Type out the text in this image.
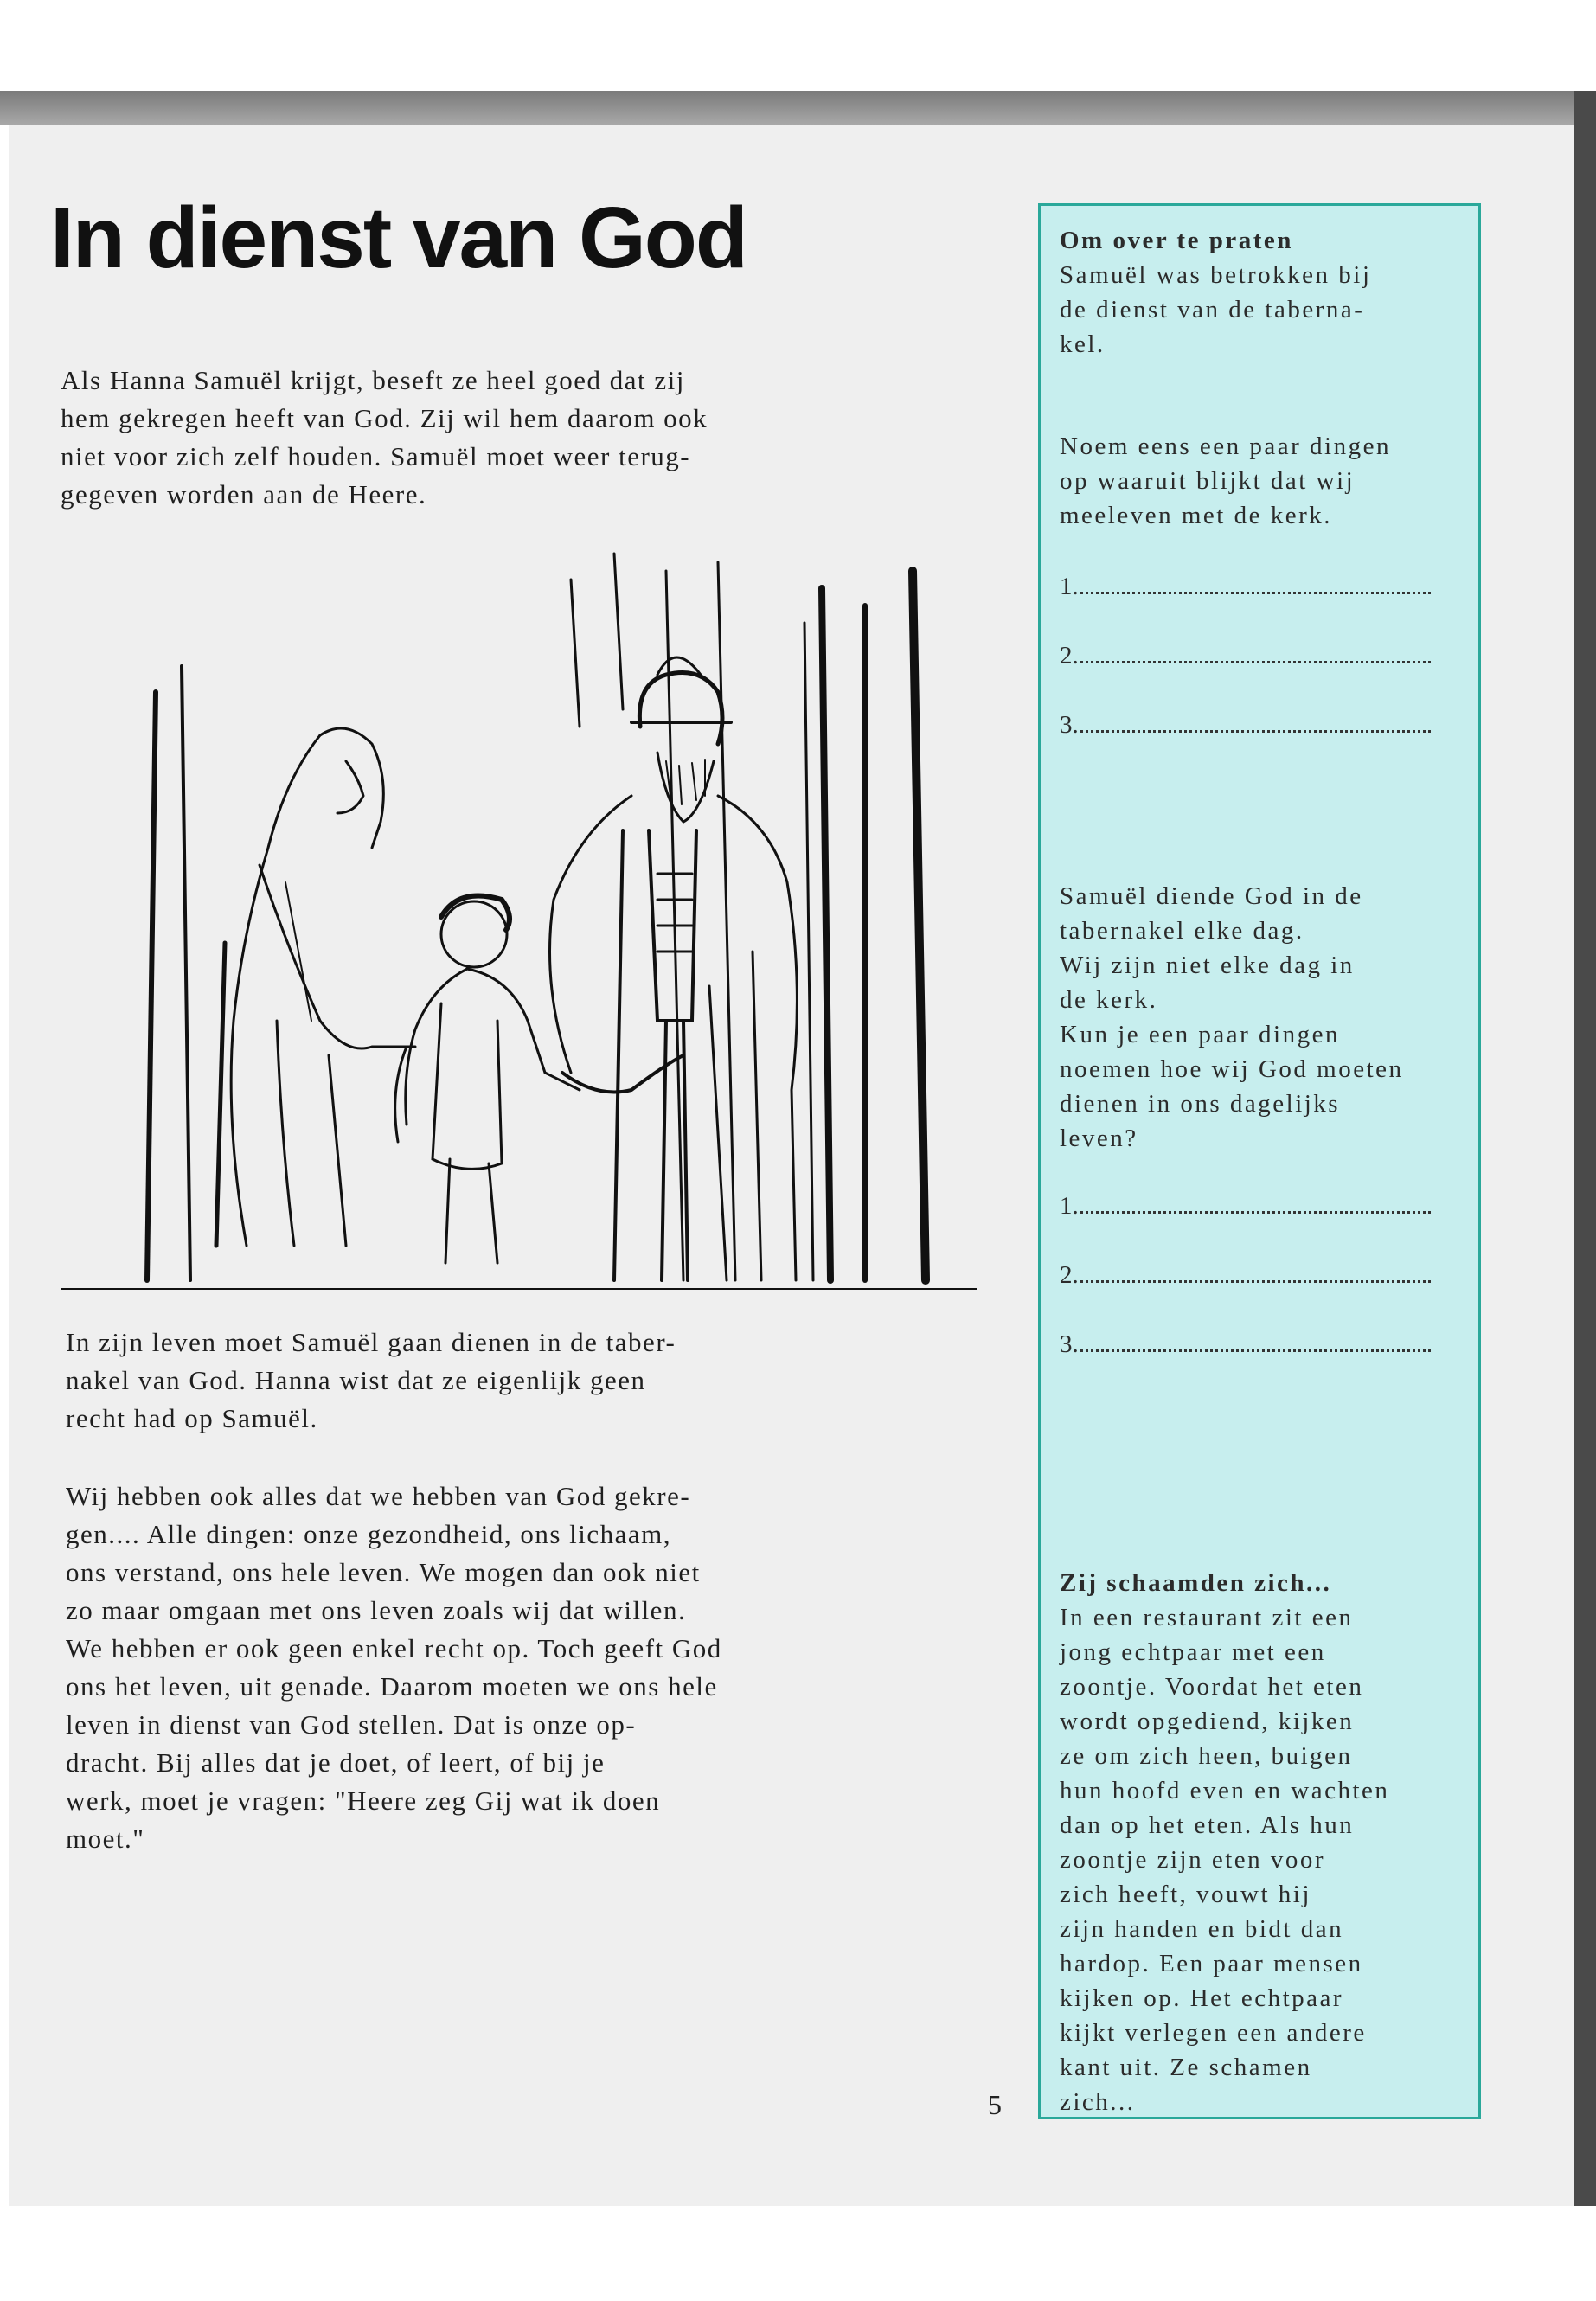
In dienst van God
Als Hanna Samuël krijgt, beseft ze heel goed dat zij
hem gekregen heeft van God. Zij wil hem daarom ook
niet voor zich zelf houden. Samuël moet weer terug-
gegeven worden aan de Heere.
In zijn leven moet Samuël gaan dienen in de taber-
nakel van God. Hanna wist dat ze eigenlijk geen
recht had op Samuël.
Wij hebben ook alles dat we hebben van God gekre-
gen.... Alle dingen: onze gezondheid, ons lichaam,
ons verstand, ons hele leven. We mogen dan ook niet
zo maar omgaan met ons leven zoals wij dat willen.
We hebben er ook geen enkel recht op. Toch geeft God
ons het leven, uit genade. Daarom moeten we ons hele
leven in dienst van God stellen. Dat is onze op-
dracht. Bij alles dat je doet, of leert, of bij je
werk, moet je vragen: "Heere zeg Gij wat ik doen
moet."
5
Om over te praten
Samuël was betrokken bij
de dienst van de taberna-
kel.
Noem eens een paar dingen
op waaruit blijkt dat wij
meeleven met de kerk.
1.
2.
3.
Samuël diende God in de
tabernakel elke dag.
Wij zijn niet elke dag in
de kerk.
Kun je een paar dingen
noemen hoe wij God moeten
dienen in ons dagelijks
leven?
1.
2.
3.
Zij schaamden zich...
In een restaurant zit een
jong echtpaar met een
zoontje. Voordat het eten
wordt opgediend, kijken
ze om zich heen, buigen
hun hoofd even en wachten
dan op het eten. Als hun
zoontje zijn eten voor
zich heeft, vouwt hij
zijn handen en bidt dan
hardop. Een paar mensen
kijken op. Het echtpaar
kijkt verlegen een andere
kant uit. Ze schamen
zich...
